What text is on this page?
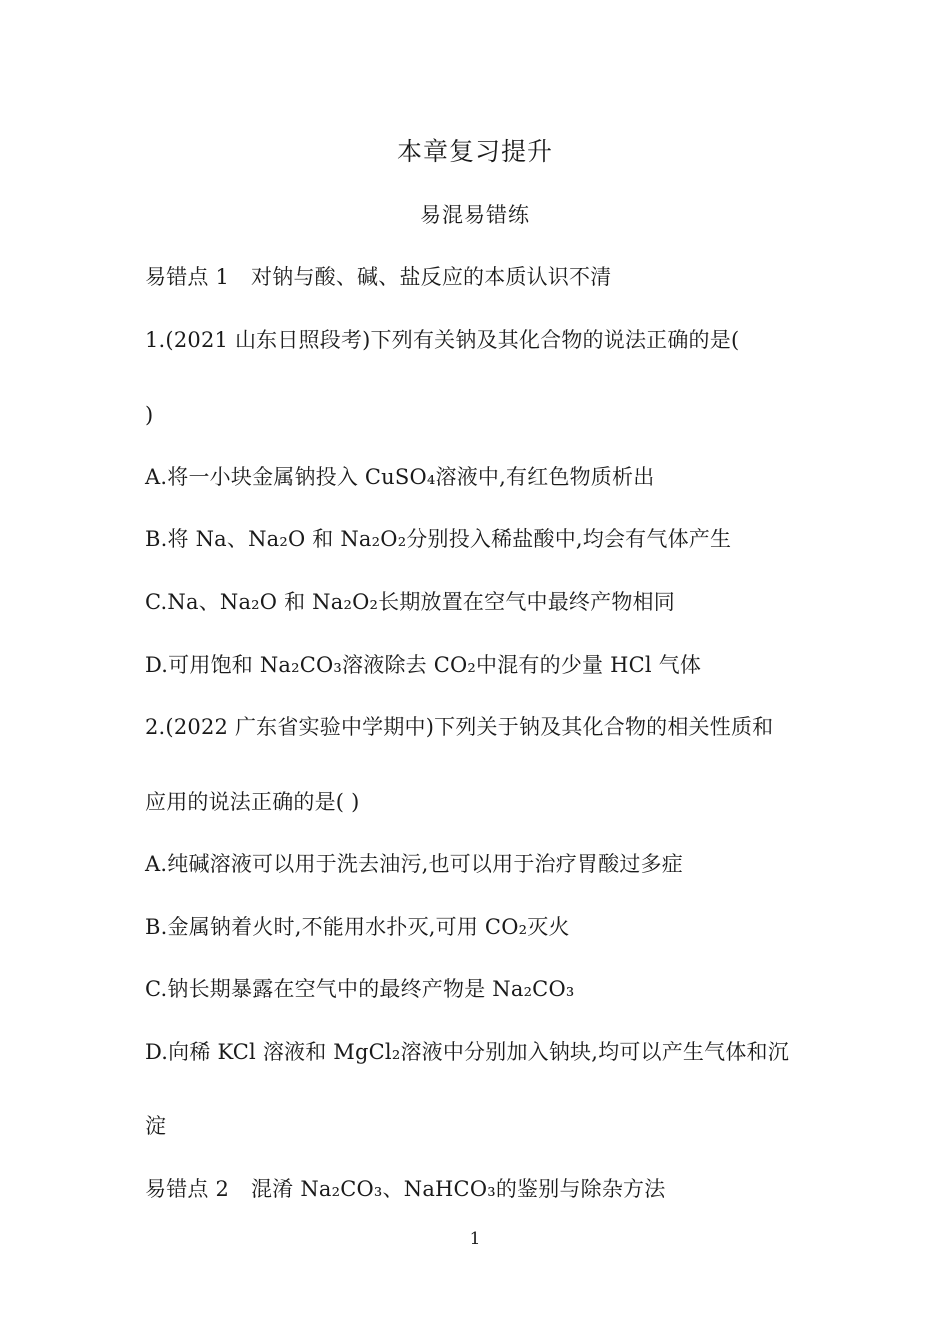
本章复习提升
易混易错练
易错点 1 对钠与酸、碱、盐反应的本质认识不清
1.(2021 山东日照段考)下列有关钠及其化合物的说法正确的是(
)
A.将一小块金属钠投入 CuSO₄溶液中,有红色物质析出
B.将 Na、Na₂O 和 Na₂O₂分别投入稀盐酸中,均会有气体产生
C.Na、Na₂O 和 Na₂O₂长期放置在空气中最终产物相同
D.可用饱和 Na₂CO₃溶液除去 CO₂中混有的少量 HCl 气体
2.(2022 广东省实验中学期中)下列关于钠及其化合物的相关性质和
应用的说法正确的是( )
A.纯碱溶液可以用于洗去油污,也可以用于治疗胃酸过多症
B.金属钠着火时,不能用水扑灭,可用 CO₂灭火
C.钠长期暴露在空气中的最终产物是 Na₂CO₃
D.向稀 KCl 溶液和 MgCl₂溶液中分别加入钠块,均可以产生气体和沉
淀
易错点 2 混淆 Na₂CO₃、NaHCO₃的鉴别与除杂方法
1
